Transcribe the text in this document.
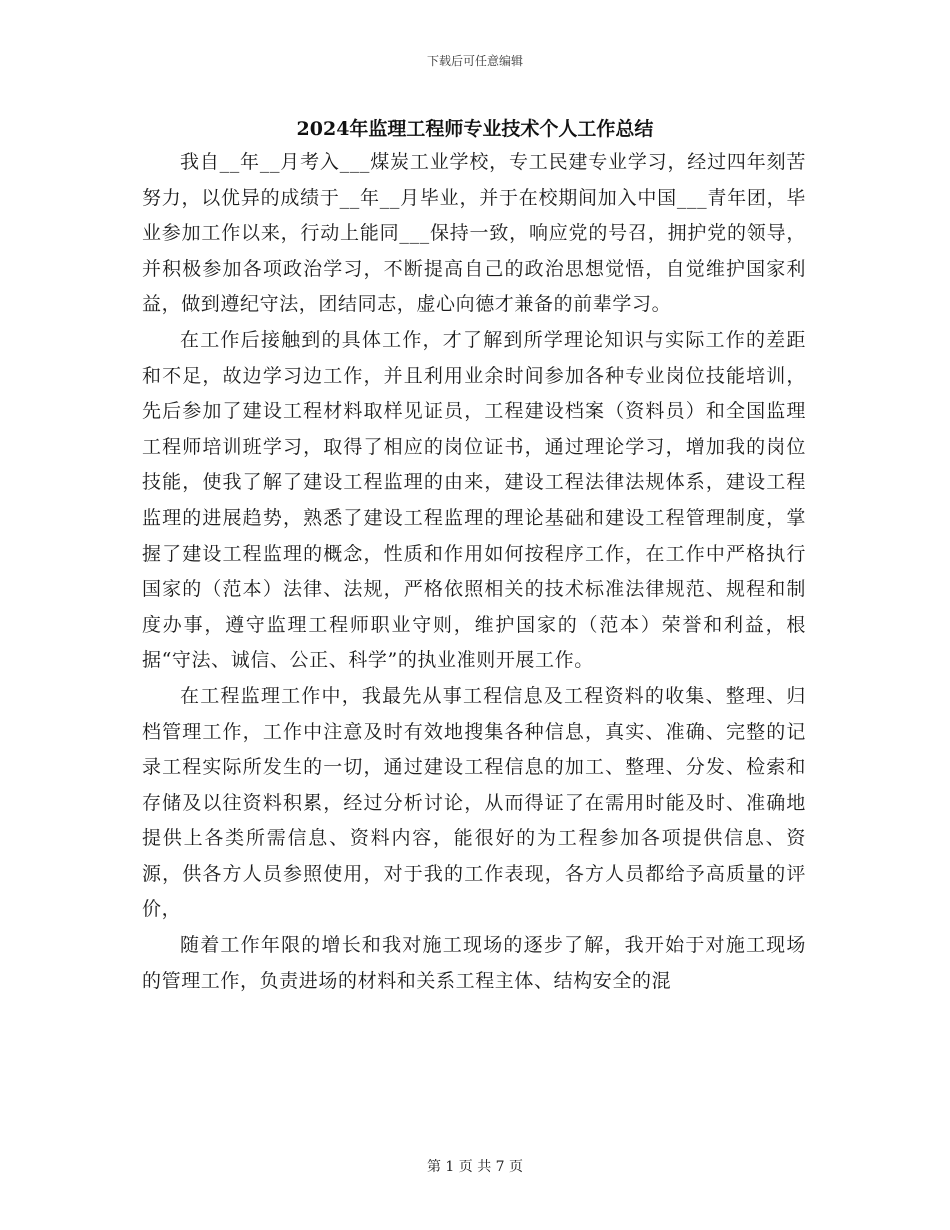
下载后可任意编辑
2024年监理工程师专业技术个人工作总结

我自__年__月考入___煤炭工业学校，专工民建专业学习，经过四年刻苦努力，以优异的成绩于__年__月毕业，并于在校期间加入中国___青年团，毕业参加工作以来，行动上能同___保持一致，响应党的号召，拥护党的领导，并积极参加各项政治学习，不断提高自己的政治思想觉悟，自觉维护国家利益，做到遵纪守法，团结同志，虚心向德才兼备的前辈学习。

在工作后接触到的具体工作，才了解到所学理论知识与实际工作的差距和不足，故边学习边工作，并且利用业余时间参加各种专业岗位技能培训，先后参加了建设工程材料取样见证员，工程建设档案（资料员）和全国监理工程师培训班学习，取得了相应的岗位证书，通过理论学习，增加我的岗位技能，使我了解了建设工程监理的由来，建设工程法律法规体系，建设工程监理的进展趋势，熟悉了建设工程监理的理论基础和建设工程管理制度，掌握了建设工程监理的概念，性质和作用如何按程序工作，在工作中严格执行国家的（范本）法律、法规，严格依照相关的技术标准法律规范、规程和制度办事，遵守监理工程师职业守则，维护国家的（范本）荣誉和利益，根据“守法、诚信、公正、科学”的执业准则开展工作。

在工程监理工作中，我最先从事工程信息及工程资料的收集、整理、归档管理工作，工作中注意及时有效地搜集各种信息，真实、准确、完整的记录工程实际所发生的一切，通过建设工程信息的加工、整理、分发、检索和存储及以往资料积累，经过分析讨论，从而得证了在需用时能及时、准确地提供上各类所需信息、资料内容，能很好的为工程参加各项提供信息、资源，供各方人员参照使用，对于我的工作表现，各方人员都给予高质量的评价，

随着工作年限的增长和我对施工现场的逐步了解，我开始于对施工现场的管理工作，负责进场的材料和关系工程主体、结构安全的混

第 1 页 共 7 页
